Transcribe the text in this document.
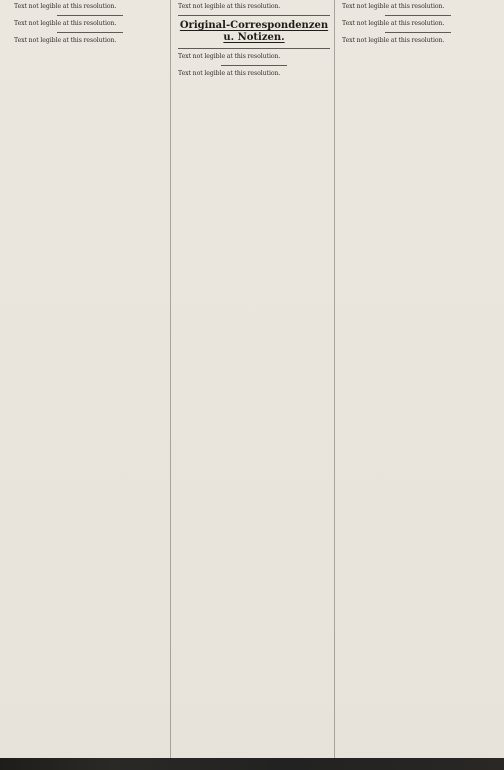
Text not legible at this resolution.

Text not legible at this resolution.

Text not legible at this resolution.

Text not legible at this resolution.

Original-Correspondenzen u. Notizen.

Text not legible at this resolution.

Text not legible at this resolution.

Text not legible at this resolution.

Text not legible at this resolution.

Text not legible at this resolution.
